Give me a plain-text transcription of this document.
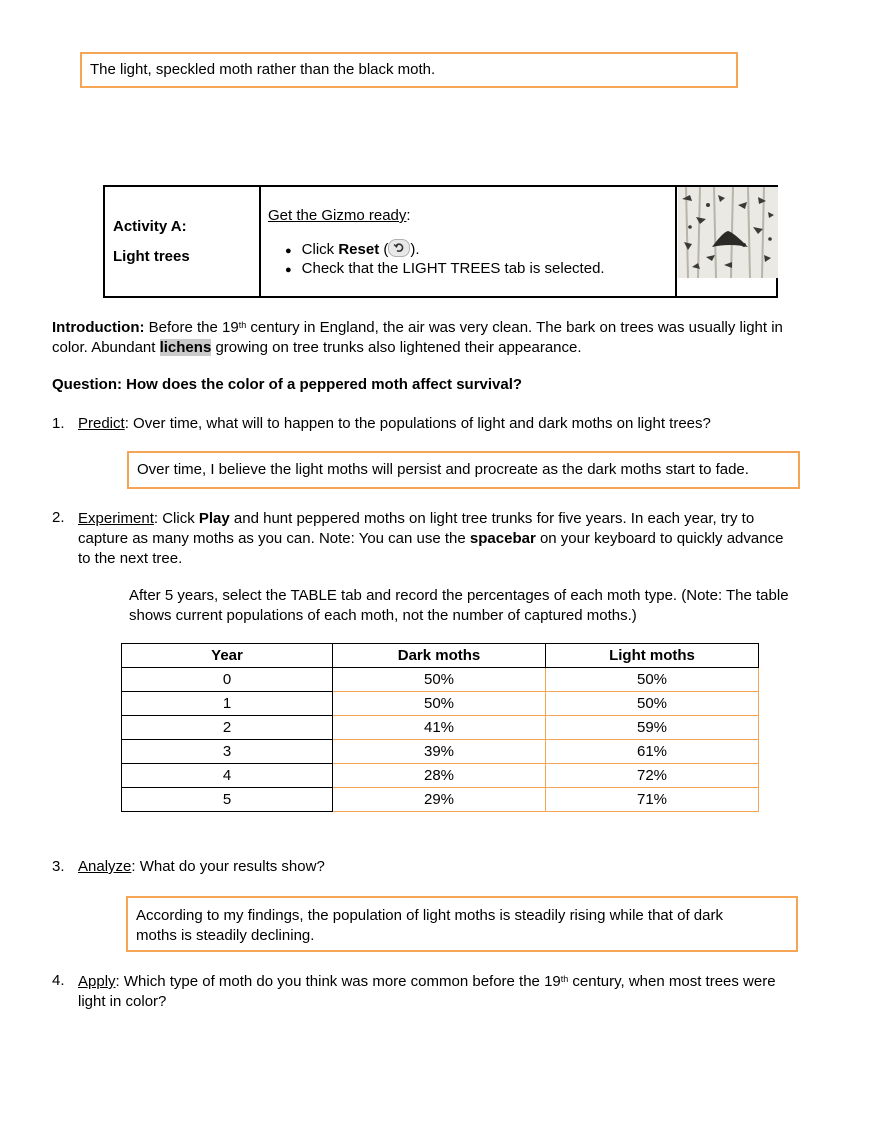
The light, speckled moth rather than the black moth.
Activity A:
Light trees
Get the Gizmo ready:
● Click Reset ( ).
● Check that the LIGHT TREES tab is selected.
Introduction: Before the 19th century in England, the air was very clean. The bark on trees was usually light in
color. Abundant lichens growing on tree trunks also lightened their appearance.
Question: How does the color of a peppered moth affect survival?
1. Predict: Over time, what will to happen to the populations of light and dark moths on light trees?
Over time, I believe the light moths will persist and procreate as the dark moths start to fade.
2. Experiment: Click Play and hunt peppered moths on light tree trunks for five years. In each year, try to
capture as many moths as you can. Note: You can use the spacebar on your keyboard to quickly advance
to the next tree.
After 5 years, select the TABLE tab and record the percentages of each moth type. (Note: The table
shows current populations of each moth, not the number of captured moths.)
Year	Dark moths	Light moths
0	50%	50%
1	50%	50%
2	41%	59%
3	39%	61%
4	28%	72%
5	29%	71%
3. Analyze: What do your results show?
According to my findings, the population of light moths is steadily rising while that of dark
moths is steadily declining.
4. Apply: Which type of moth do you think was more common before the 19th century, when most trees were
light in color?
